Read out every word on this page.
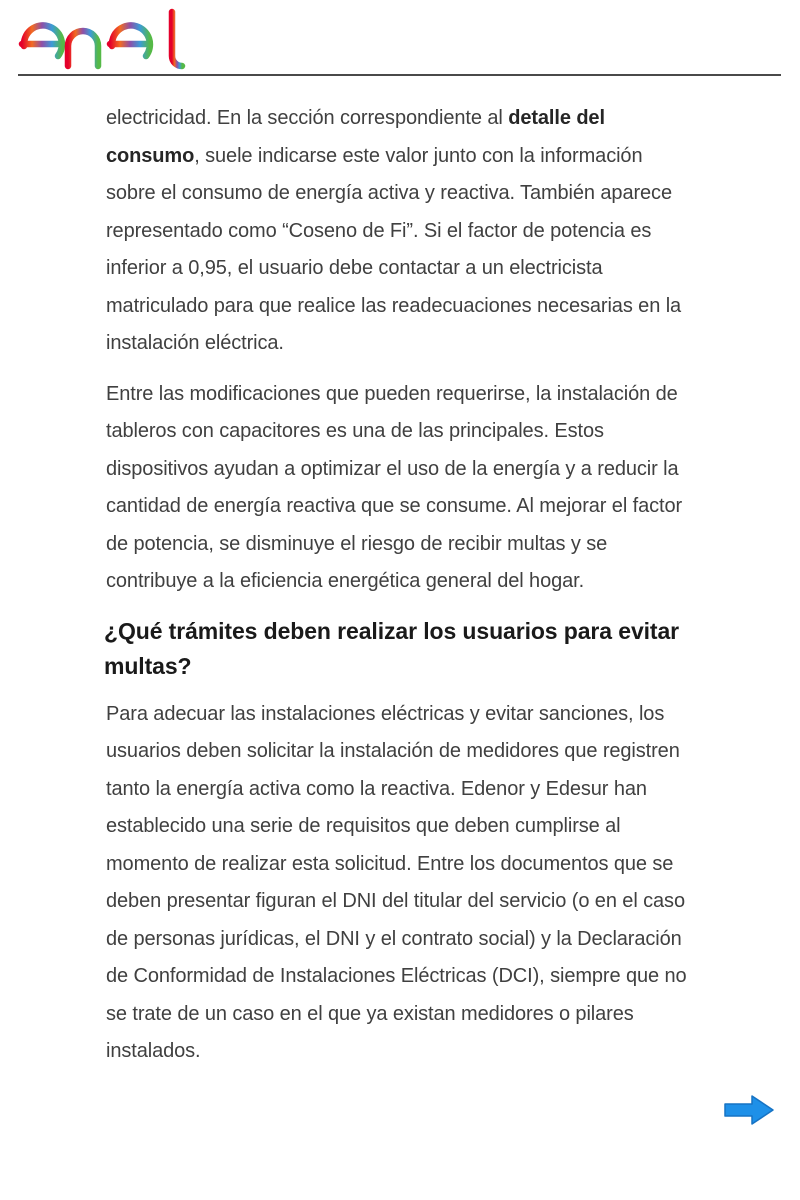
electricidad. En la sección correspondiente al detalle del consumo, suele indicarse este valor junto con la información sobre el consumo de energía activa y reactiva. También aparece representado como “Coseno de Fi”. Si el factor de potencia es inferior a 0,95, el usuario debe contactar a un electricista matriculado para que realice las readecuaciones necesarias en la instalación eléctrica.

Entre las modificaciones que pueden requerirse, la instalación de tableros con capacitores es una de las principales. Estos dispositivos ayudan a optimizar el uso de la energía y a reducir la cantidad de energía reactiva que se consume. Al mejorar el factor de potencia, se disminuye el riesgo de recibir multas y se contribuye a la eficiencia energética general del hogar.

¿Qué trámites deben realizar los usuarios para evitar multas?

Para adecuar las instalaciones eléctricas y evitar sanciones, los usuarios deben solicitar la instalación de medidores que registren tanto la energía activa como la reactiva. Edenor y Edesur han establecido una serie de requisitos que deben cumplirse al momento de realizar esta solicitud. Entre los documentos que se deben presentar figuran el DNI del titular del servicio (o en el caso de personas jurídicas, el DNI y el contrato social) y la Declaración de Conformidad de Instalaciones Eléctricas (DCI), siempre que no se trate de un caso en el que ya existan medidores o pilares instalados.
